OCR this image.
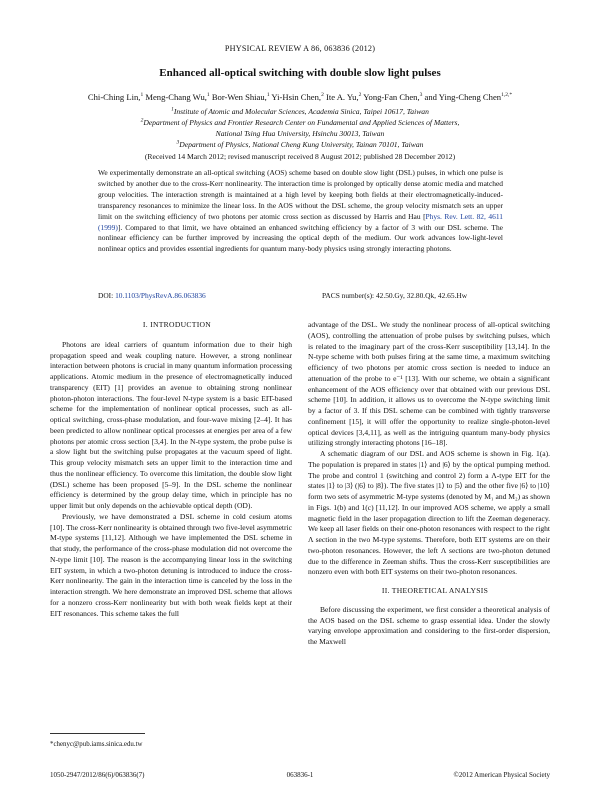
PHYSICAL REVIEW A 86, 063836 (2012)
Enhanced all-optical switching with double slow light pulses
Chi-Ching Lin,$^1$ Meng-Chang Wu,$^1$ Bor-Wen Shiau,$^1$ Yi-Hsin Chen,$^2$ Ite A. Yu,$^2$ Yong-Fan Chen,$^3$ and Ying-Cheng Chen$^{1,2,*}$
$^1$Institute of Atomic and Molecular Sciences, Academia Sinica, Taipei 10617, Taiwan
$^2$Department of Physics and Frontier Research Center on Fundamental and Applied Sciences of Matters,
National Tsing Hua University, Hsinchu 30013, Taiwan
$^3$Department of Physics, National Cheng Kung University, Tainan 70101, Taiwan
(Received 14 March 2012; revised manuscript received 8 August 2012; published 28 December 2012)
We experimentally demonstrate an all-optical switching (AOS) scheme based on double slow light (DSL) pulses, in which one pulse is switched by another due to the cross-Kerr nonlinearity. The interaction time is prolonged by optically dense atomic media and matched group velocities. The interaction strength is maintained at a high level by keeping both fields at their electromagnetically-induced-transparency resonances to minimize the linear loss. In the AOS without the DSL scheme, the group velocity mismatch sets an upper limit on the switching efficiency of two photons per atomic cross section as discussed by Harris and Hau [Phys. Rev. Lett. 82, 4611 (1999)]. Compared to that limit, we have obtained an enhanced switching efficiency by a factor of 3 with our DSL scheme. The nonlinear efficiency can be further improved by increasing the optical depth of the medium. Our work advances low-light-level nonlinear optics and provides essential ingredients for quantum many-body physics using strongly interacting photons.
DOI: 10.1103/PhysRevA.86.063836	PACS number(s): 42.50.Gy, 32.80.Qk, 42.65.Hw

I. INTRODUCTION

Photons are ideal carriers of quantum information due to their high propagation speed and weak coupling nature. However, a strong nonlinear interaction between photons is crucial in many quantum information processing applications. Atomic medium in the presence of electromagnetically induced transparency (EIT) [1] provides an avenue to obtaining strong nonlinear photon-photon interactions. The four-level N-type system is a basic EIT-based scheme for the implementation of nonlinear optical processes, such as all-optical switching, cross-phase modulation, and four-wave mixing [2–4]. It has been predicted to allow nonlinear optical processes at energies per area of a few photons per atomic cross section [3,4]. In the N-type system, the probe pulse is a slow light but the switching pulse propagates at the vacuum speed of light. This group velocity mismatch sets an upper limit to the interaction time and thus the nonlinear efficiency. To overcome this limitation, the double slow light (DSL) scheme has been proposed [5–9]. In the DSL scheme the nonlinear efficiency is determined by the group delay time, which in principle has no upper limit but only depends on the achievable optical depth (OD).

Previously, we have demonstrated a DSL scheme in cold cesium atoms [10]. The cross-Kerr nonlinearity is obtained through two five-level asymmetric M-type systems [11,12]. Although we have implemented the DSL scheme in that study, the performance of the cross-phase modulation did not overcome the N-type limit [10]. The reason is the accompanying linear loss in the switching EIT system, in which a two-photon detuning is introduced to induce the cross-Kerr nonlinearity. The gain in the interaction time is canceled by the loss in the interaction strength. We here demonstrate an improved DSL scheme that allows for a nonzero cross-Kerr nonlinearity but with both weak fields kept at their EIT resonances. This scheme takes the full

advantage of the DSL. We study the nonlinear process of all-optical switching (AOS), controlling the attenuation of probe pulses by switching pulses, which is related to the imaginary part of the cross-Kerr susceptibility [13,14]. In the N-type scheme with both pulses firing at the same time, a maximum switching efficiency of two photons per atomic cross section is needed to induce an attenuation of the probe to e⁻¹ [13]. With our scheme, we obtain a significant enhancement of the AOS efficiency over that obtained with our previous DSL scheme [10]. In addition, it allows us to overcome the N-type switching limit by a factor of 3. If this DSL scheme can be combined with tightly transverse confinement [15], it will offer the opportunity to realize single-photon-level optical devices [3,4,11], as well as the intriguing quantum many-body physics utilizing strongly interacting photons [16–18].

A schematic diagram of our DSL and AOS scheme is shown in Fig. 1(a). The population is prepared in states |1⟩ and |6⟩ by the optical pumping method. The probe and control 1 (switching and control 2) form a Λ-type EIT for the states |1⟩ to |3⟩ (|6⟩ to |8⟩). The five states |1⟩ to |5⟩ and the other five |6⟩ to |10⟩ form two sets of asymmetric M-type systems (denoted by M₁ and M₂) as shown in Figs. 1(b) and 1(c) [11,12]. In our improved AOS scheme, we apply a small magnetic field in the laser propagation direction to lift the Zeeman degeneracy. We keep all laser fields on their one-photon resonances with respect to the right Λ section in the two M-type systems. Therefore, both EIT systems are on their two-photon resonances. However, the left Λ sections are two-photon detuned due to the difference in Zeeman shifts. Thus the cross-Kerr susceptibilities are nonzero even with both EIT systems on their two-photon resonances.

II. THEORETICAL ANALYSIS

Before discussing the experiment, we first consider a theoretical analysis of the AOS based on the DSL scheme to grasp essential idea. Under the slowly varying envelope approximation and considering to the first-order dispersion, the Maxwell

*chenyc@pub.iams.sinica.edu.tw
1050-2947/2012/86(6)/063836(7)	063836-1	©2012 American Physical Society
